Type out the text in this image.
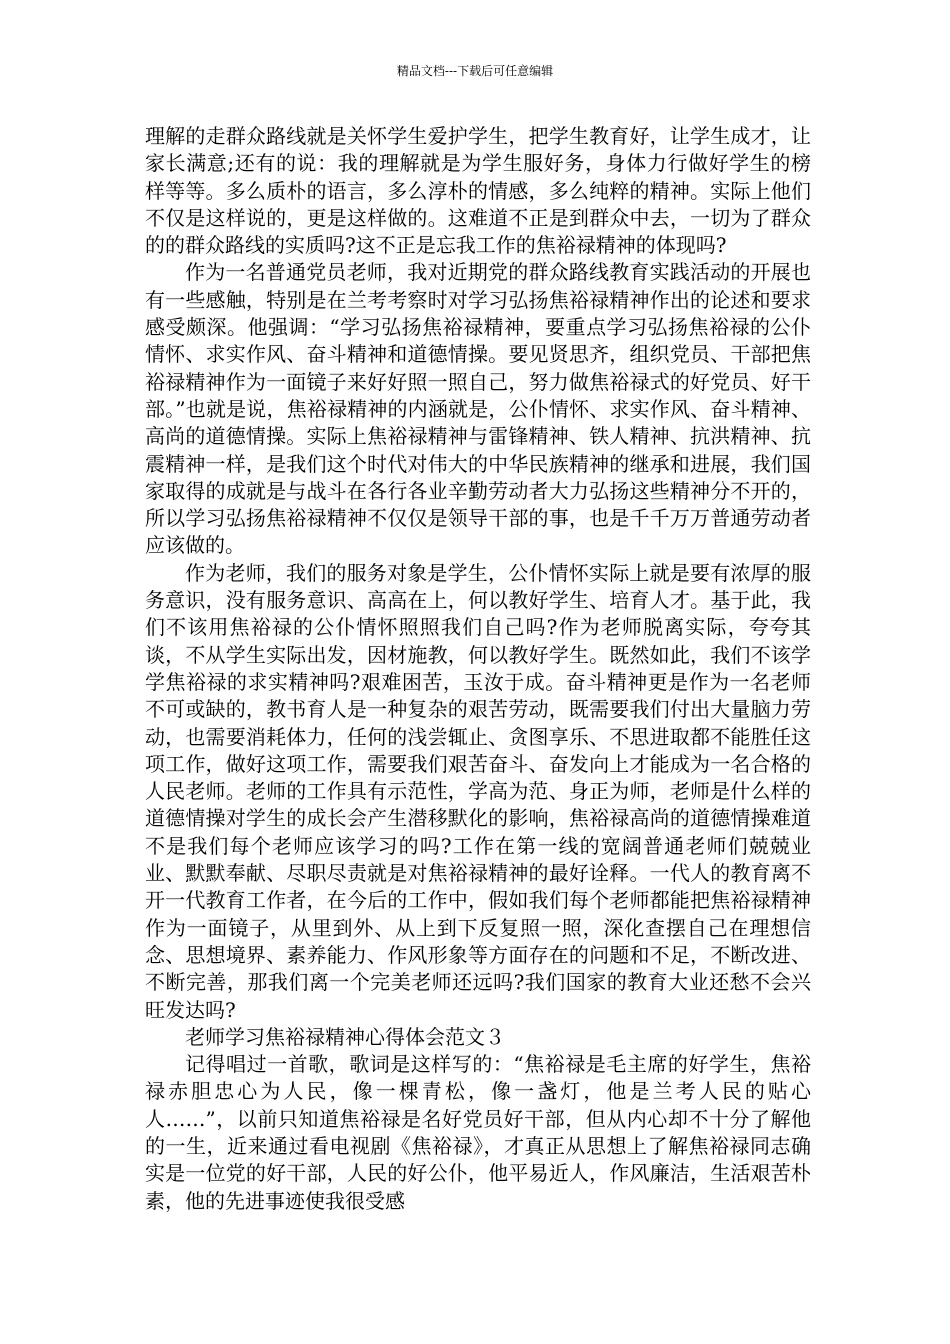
精品文档---下载后可任意编辑

理解的走群众路线就是关怀学生爱护学生，把学生教育好，让学生成才，让家长满意;还有的说：我的理解就是为学生服好务，身体力行做好学生的榜样等等。多么质朴的语言，多么淳朴的情感，多么纯粹的精神。实际上他们不仅是这样说的，更是这样做的。这难道不正是到群众中去，一切为了群众的的群众路线的实质吗?这不正是忘我工作的焦裕禄精神的体现吗?

作为一名普通党员老师，我对近期党的群众路线教育实践活动的开展也有一些感触，特别是在兰考考察时对学习弘扬焦裕禄精神作出的论述和要求感受颇深。他强调：“学习弘扬焦裕禄精神，要重点学习弘扬焦裕禄的公仆情怀、求实作风、奋斗精神和道德情操。要见贤思齐，组织党员、干部把焦裕禄精神作为一面镜子来好好照一照自己，努力做焦裕禄式的好党员、好干部。”也就是说，焦裕禄精神的内涵就是，公仆情怀、求实作风、奋斗精神、高尚的道德情操。实际上焦裕禄精神与雷锋精神、铁人精神、抗洪精神、抗震精神一样，是我们这个时代对伟大的中华民族精神的继承和进展，我们国家取得的成就是与战斗在各行各业辛勤劳动者大力弘扬这些精神分不开的，所以学习弘扬焦裕禄精神不仅仅是领导干部的事，也是千千万万普通劳动者应该做的。

作为老师，我们的服务对象是学生，公仆情怀实际上就是要有浓厚的服务意识，没有服务意识、高高在上，何以教好学生、培育人才。基于此，我们不该用焦裕禄的公仆情怀照照我们自己吗?作为老师脱离实际，夸夸其谈，不从学生实际出发，因材施教，何以教好学生。既然如此，我们不该学学焦裕禄的求实精神吗?艰难困苦，玉汝于成。奋斗精神更是作为一名老师不可或缺的，教书育人是一种复杂的艰苦劳动，既需要我们付出大量脑力劳动，也需要消耗体力，任何的浅尝辄止、贪图享乐、不思进取都不能胜任这项工作，做好这项工作，需要我们艰苦奋斗、奋发向上才能成为一名合格的人民老师。老师的工作具有示范性，学高为范、身正为师，老师是什么样的道德情操对学生的成长会产生潜移默化的影响，焦裕禄高尚的道德情操难道不是我们每个老师应该学习的吗?工作在第一线的宽阔普通老师们兢兢业业、默默奉献、尽职尽责就是对焦裕禄精神的最好诠释。一代人的教育离不开一代教育工作者，在今后的工作中，假如我们每个老师都能把焦裕禄精神作为一面镜子，从里到外、从上到下反复照一照，深化查摆自己在理想信念、思想境界、素养能力、作风形象等方面存在的问题和不足，不断改进、不断完善，那我们离一个完美老师还远吗?我们国家的教育大业还愁不会兴旺发达吗?

老师学习焦裕禄精神心得体会范文３

记得唱过一首歌，歌词是这样写的：“焦裕禄是毛主席的好学生，焦裕禄赤胆忠心为人民，像一棵青松，像一盏灯，他是兰考人民的贴心人……”，以前只知道焦裕禄是名好党员好干部，但从内心却不十分了解他的一生，近来通过看电视剧《焦裕禄》，才真正从思想上了解焦裕禄同志确实是一位党的好干部，人民的好公仆，他平易近人，作风廉洁，生活艰苦朴素，他的先进事迹使我很受感
